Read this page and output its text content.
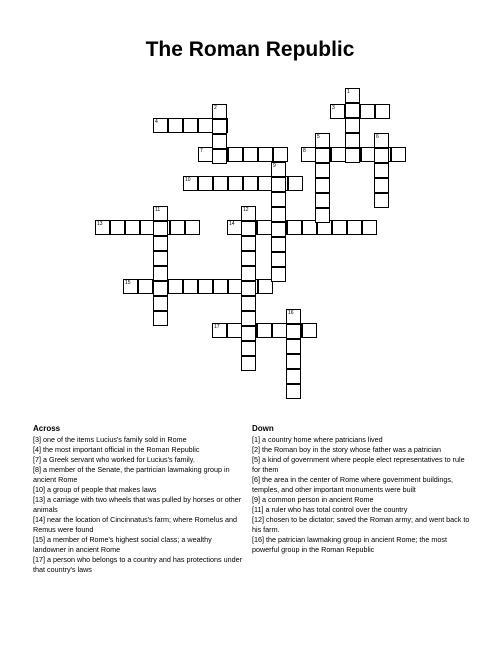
The Roman Republic
4
7	8
10
13	14
15
17
3
1
2
5	6
9
11	12
16
Across
[3] one of the items Lucius's family sold in Rome
[4] the most important official in the Roman Republic
[7] a Greek servant who worked for Lucius's family.
[8] a member of the Senate, the partrician lawmaking group in ancient Rome
[10] a group of people that makes laws
[13] a carriage with two wheels that was pulled by horses or other animals
[14] near the location of Cincinnatus's farm; where Romelus and Remus were found
[15] a member of Rome's highest social class; a wealthy landowner in ancient Rome
[17] a person who belongs to a country and has protections under that country's laws
Down
[1] a country home where patricians lived
[2] the Roman boy in the story whose father was a patrician
[5] a kind of government where people elect representatives to rule for them
[6] the area in the center of Rome where government buildings, temples, and other important monuments were built
[9] a common person in ancient Rome
[11] a ruler who has total control over the country
[12] chosen to be dictator; saved the Roman army; and went back to his farm.
[16] the patrician lawmaking group in ancient Rome; the most powerful group in the Roman Republic
